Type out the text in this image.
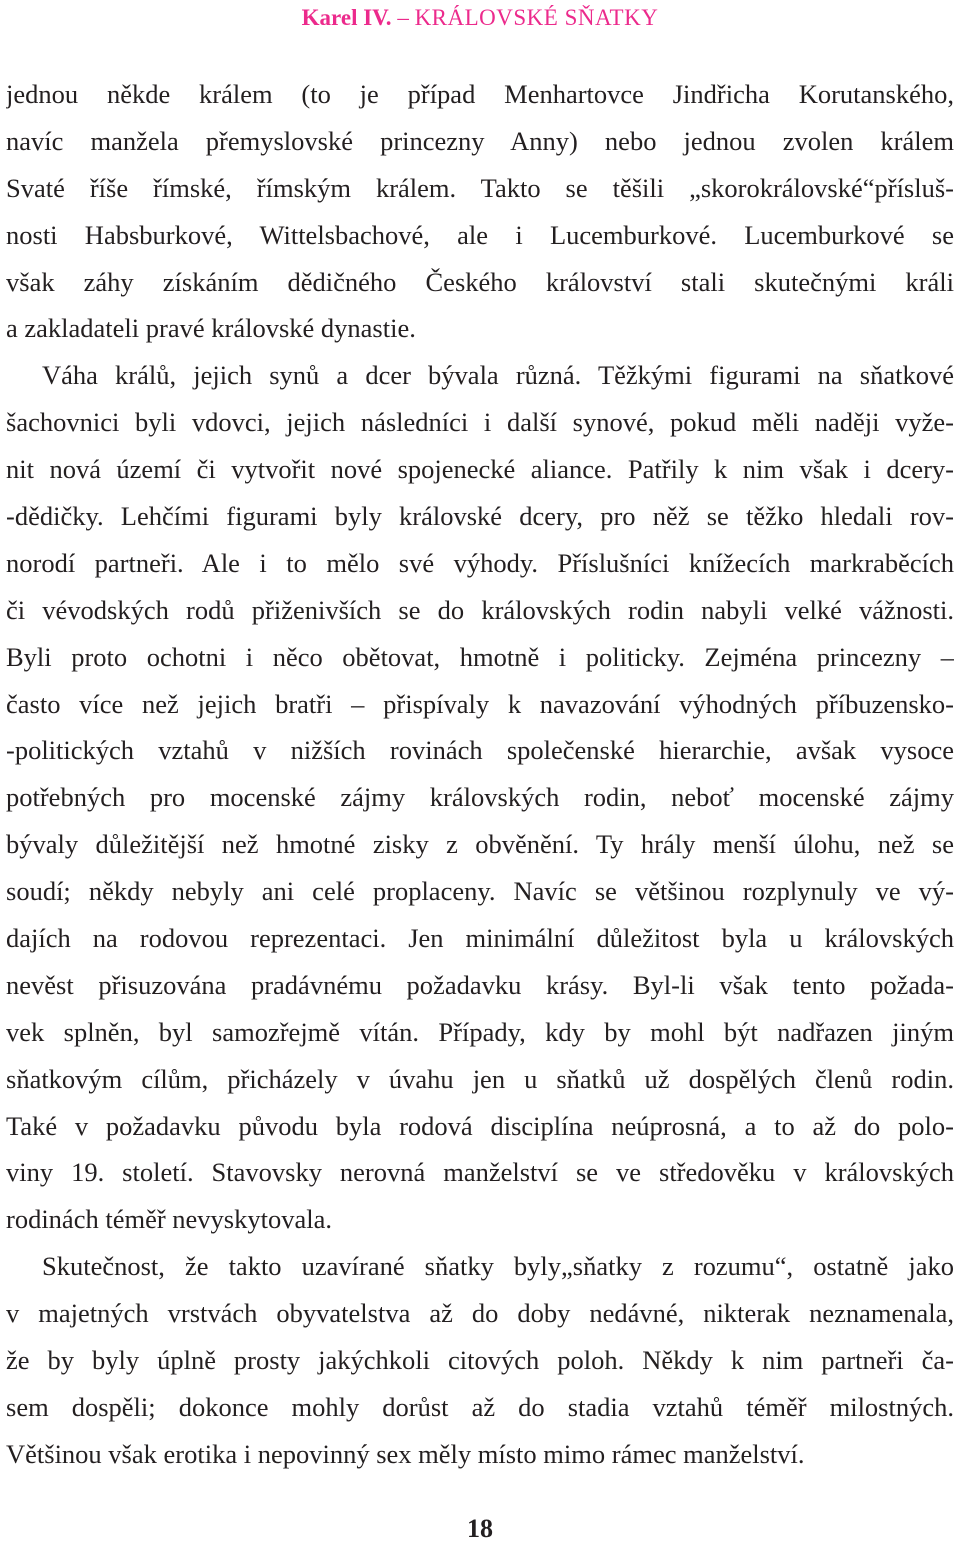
Karel IV. – KRÁLOVSKÉ SŇATKY

jednou někde králem (to je případ Menhartovce Jindřicha Korutanského,
navíc manžela přemyslovské princezny Anny) nebo jednou zvolen králem
Svaté říše římské, římským králem. Takto se těšili „skorokrálovské“přísluš-
nosti Habsburkové, Wittelsbachové, ale i Lucemburkové. Lucemburkové se
však záhy získáním dědičného Českého království stali skutečnými králi
a zakladateli pravé královské dynastie.

Váha králů, jejich synů a dcer bývala různá. Těžkými figurami na sňatkové
šachovnici byli vdovci, jejich následníci i další synové, pokud měli naději vyže-
nit nová území či vytvořit nové spojenecké aliance. Patřily k nim však i dcery-
-dědičky. Lehčími figurami byly královské dcery, pro něž se těžko hledali rov-
norodí partneři. Ale i to mělo své výhody. Příslušníci knížecích markraběcích
či vévodských rodů přiženivších se do královských rodin nabyli velké vážnosti.
Byli proto ochotni i něco obětovat, hmotně i politicky. Zejména princezny –
často více než jejich bratři – přispívaly k navazování výhodných příbuzensko-
-politických vztahů v nižších rovinách společenské hierarchie, avšak vysoce
potřebných pro mocenské zájmy královských rodin, neboť mocenské zájmy
bývaly důležitější než hmotné zisky z obvěnění. Ty hrály menší úlohu, než se
soudí; někdy nebyly ani celé proplaceny. Navíc se většinou rozplynuly ve vý-
dajích na rodovou reprezentaci. Jen minimální důležitost byla u královských
nevěst přisuzována pradávnému požadavku krásy. Byl-li však tento požada-
vek splněn, byl samozřejmě vítán. Případy, kdy by mohl být nadřazen jiným
sňatkovým cílům, přicházely v úvahu jen u sňatků už dospělých členů rodin.
Také v požadavku původu byla rodová disciplína neúprosná, a to až do polo-
viny 19. století. Stavovsky nerovná manželství se ve středověku v královských
rodinách téměř nevyskytovala.

Skutečnost, že takto uzavírané sňatky byly„sňatky z rozumu“, ostatně jako
v majetných vrstvách obyvatelstva až do doby nedávné, nikterak neznamenala,
že by byly úplně prosty jakýchkoli citových poloh. Někdy k nim partneři ča-
sem dospěli; dokonce mohly dorůst až do stadia vztahů téměř milostných.
Většinou však erotika i nepovinný sex měly místo mimo rámec manželství.

18
